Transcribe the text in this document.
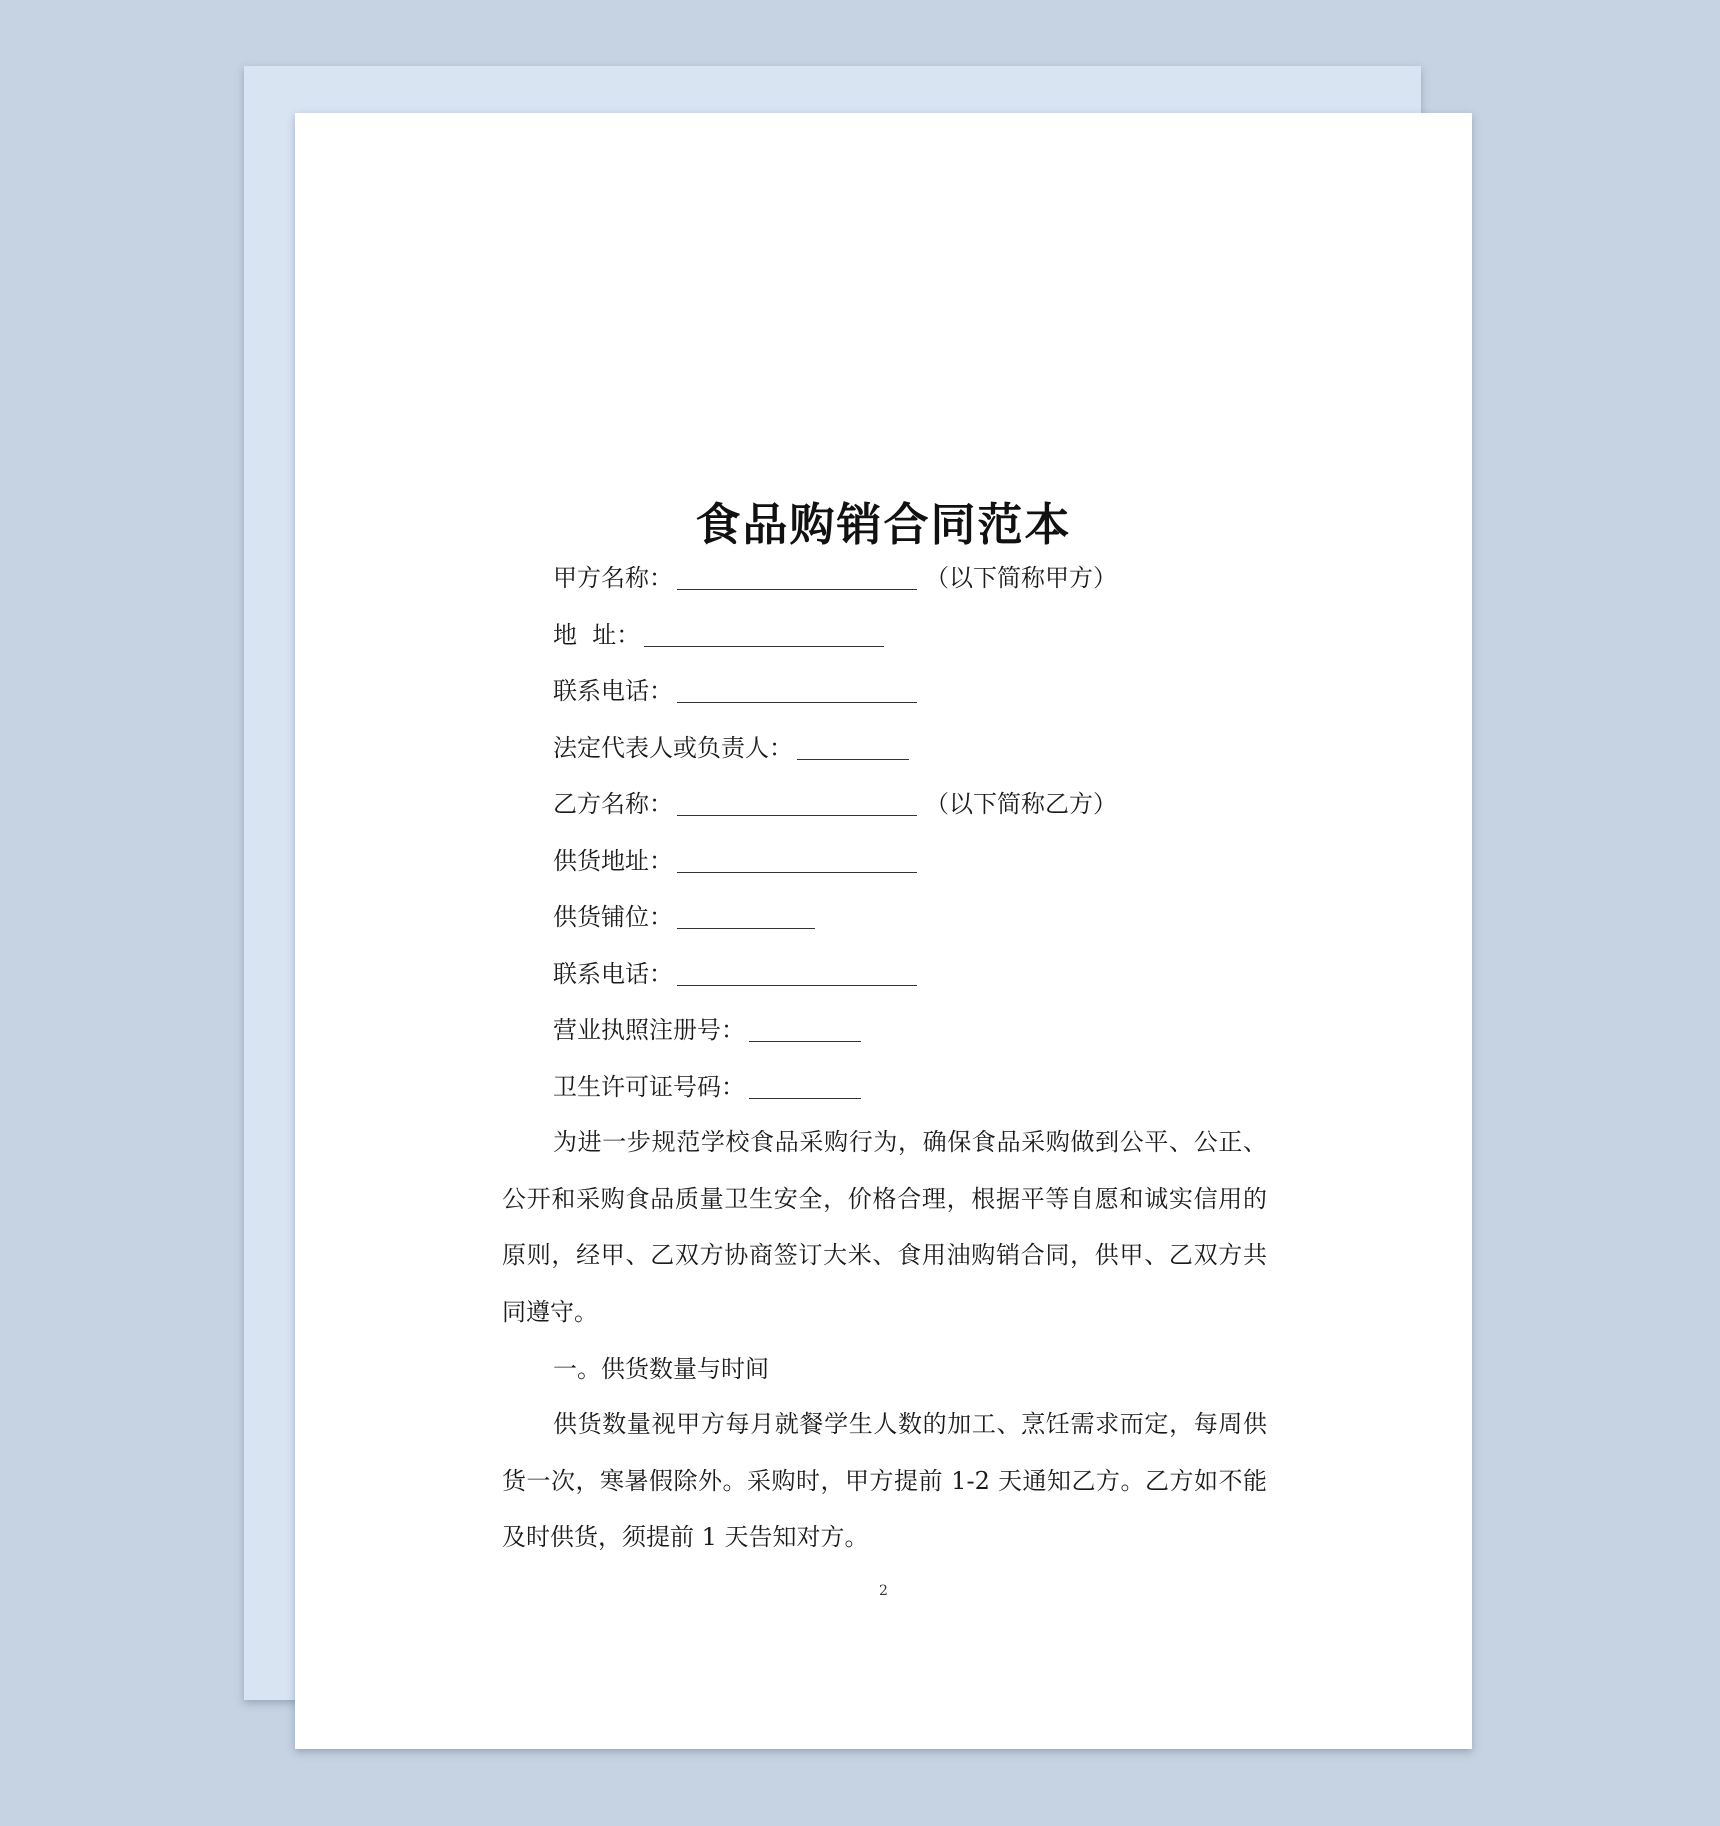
食品购销合同范本
甲方名称：	（以下简称甲方）
地  址：
联系电话：
法定代表人或负责人：
乙方名称：	（以下简称乙方）
供货地址：
供货铺位：
联系电话：
营业执照注册号：
卫生许可证号码：

为进一步规范学校食品采购行为，确保食品采购做到公平、公正、公开和采购食品质量卫生安全，价格合理，根据平等自愿和诚实信用的原则，经甲、乙双方协商签订大米、食用油购销合同，供甲、乙双方共同遵守。

一。供货数量与时间

供货数量视甲方每月就餐学生人数的加工、烹饪需求而定，每周供货一次，寒暑假除外。采购时，甲方提前 1-2 天通知乙方。乙方如不能及时供货，须提前 1 天告知对方。

2
